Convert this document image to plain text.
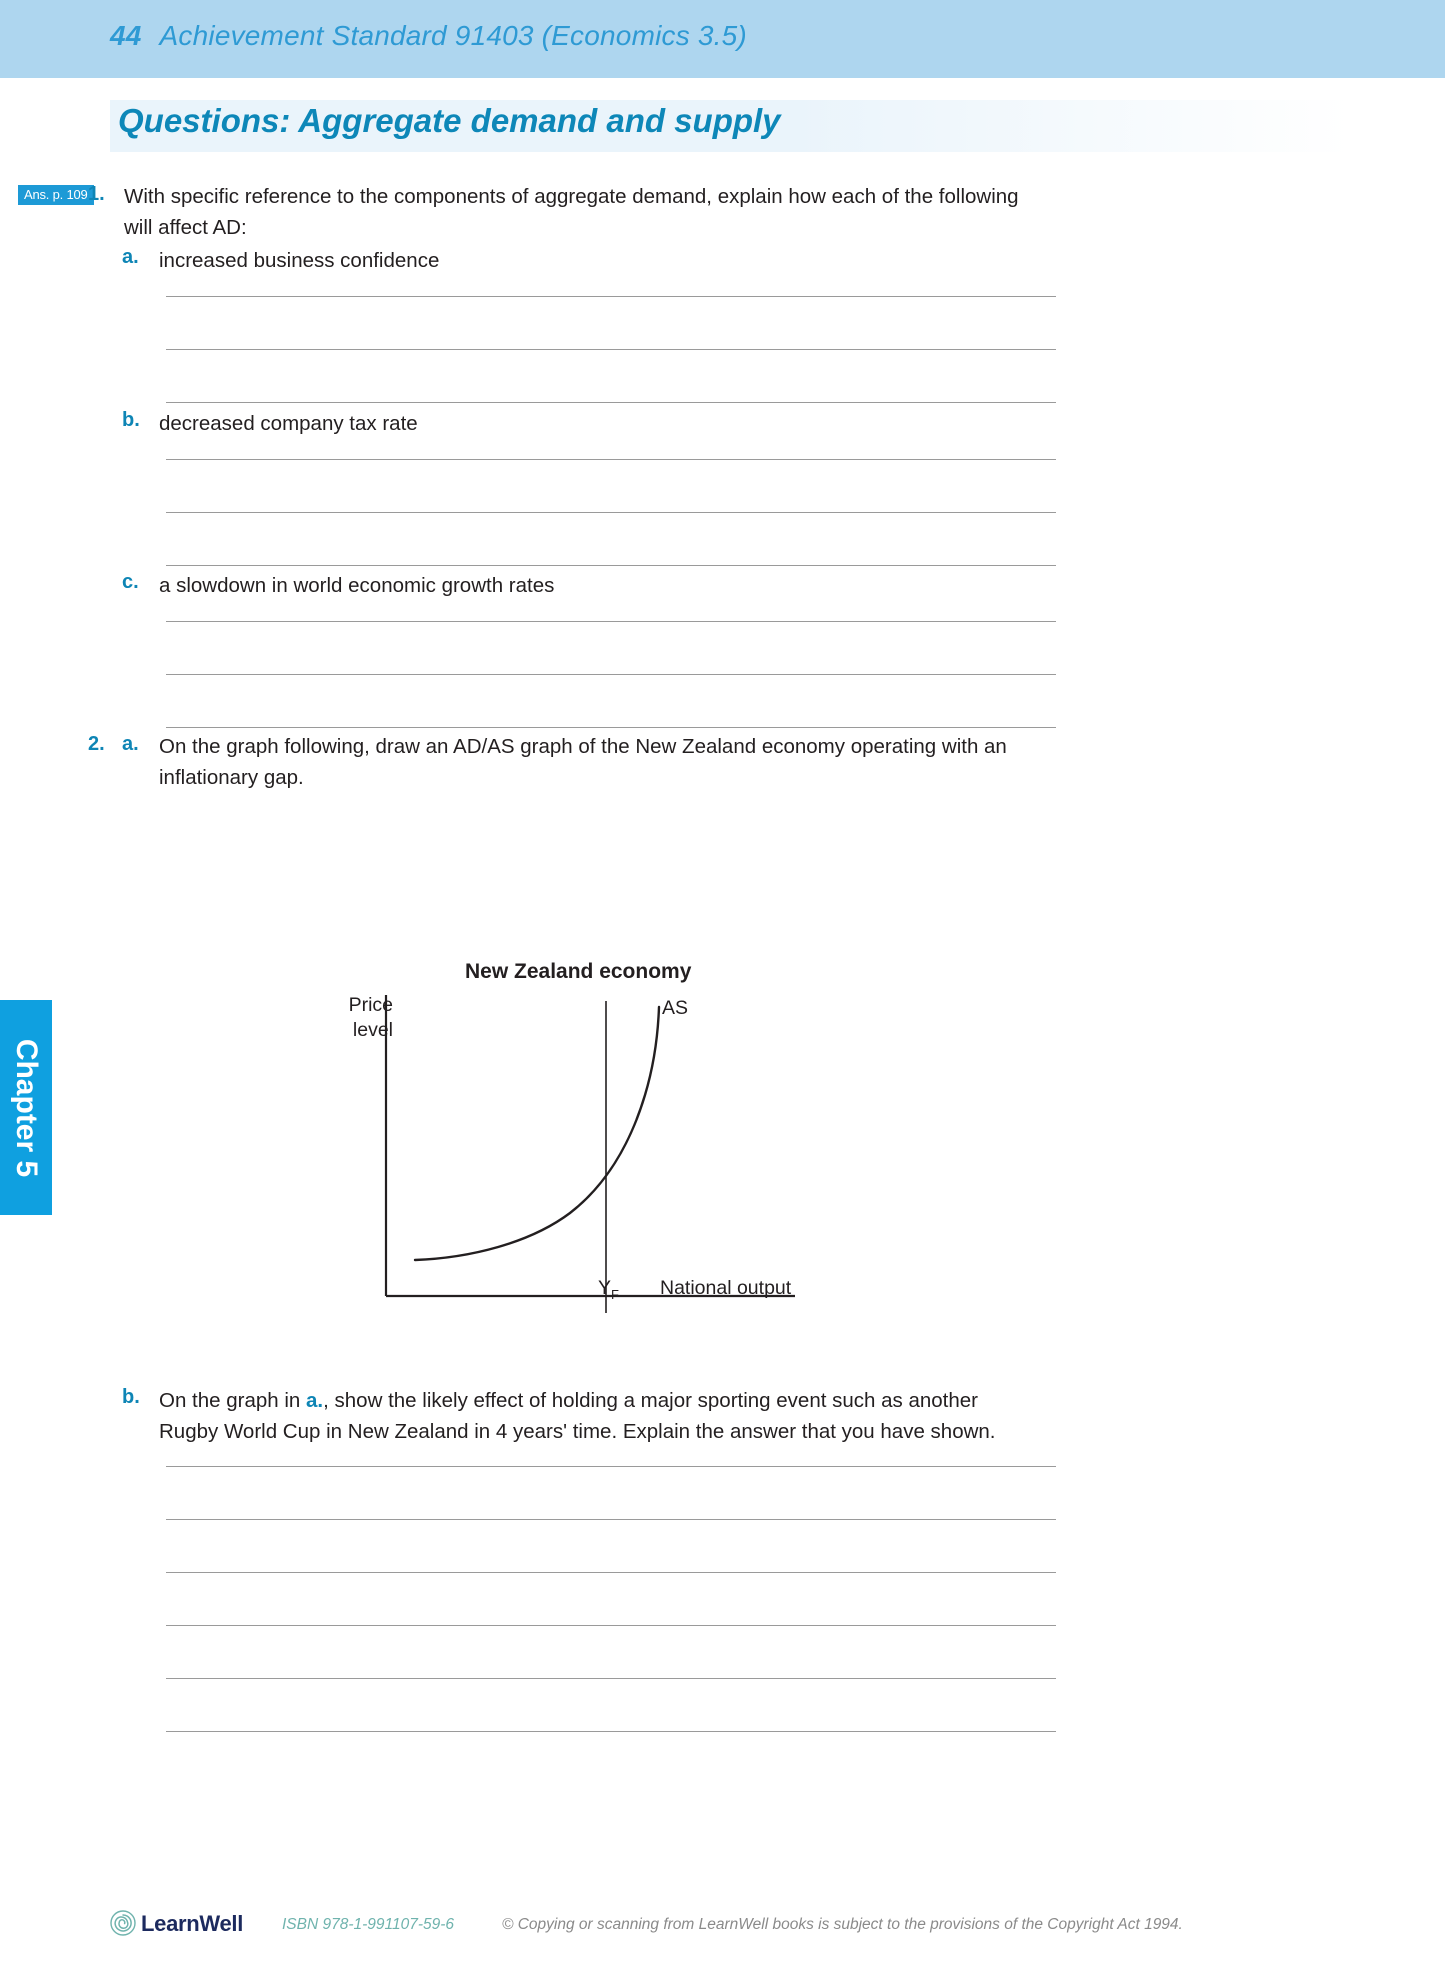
44 Achievement Standard 91403 (Economics 3.5)
Questions: Aggregate demand and supply
Ans. p. 109
Chapter 5
1. With specific reference to the components of aggregate demand, explain how each of the following will affect AD:
a. increased business confidence
b. decreased company tax rate
c. a slowdown in world economic growth rates
2. a. On the graph following, draw an AD/AS graph of the New Zealand economy operating with an inflationary gap.
New Zealand economy
Price
level
AS
$Y_F$ National output
b. On the graph in a., show the likely effect of holding a major sporting event such as another Rugby World Cup in New Zealand in 4 years' time. Explain the answer that you have shown.
LearnWell	ISBN 978-1-991107-59-6	© Copying or scanning from LearnWell books is subject to the provisions of the Copyright Act 1994.
